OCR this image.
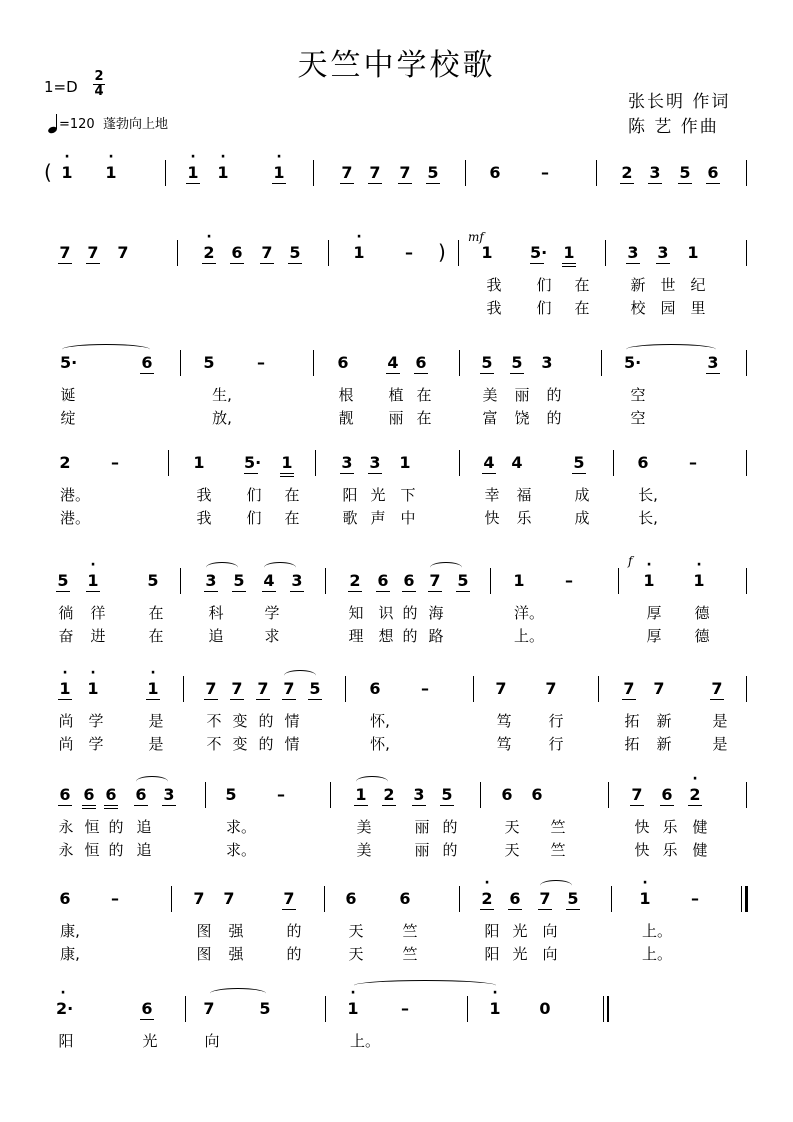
天竺中学校歌
1=D
2
4
=120 蓬勃向上地
张长明 作词
陈 艺 作曲
· 1 · 1	· 1 · 1	· 1	7 7 7 5	6	–	2 3 5 6
7 7 7	· 2 6 7 5	· 1	–	1 5· 1	3 3 1
我 们 在	新 世 纪
我 们 在	校 园 里
5·	6	5	–	6 4 6	5 5 3	5·	3
诞	生,	根 植 在	美 丽 的	空
绽	放,	靓 丽 在	富 饶 的	空
2	–	1 5· 1	3 3 1	4 4	5	6	–
港。	我 们 在	阳 光 下	幸 福	成	长,
港。	我 们 在	歌 声 中	快 乐	成	长,
5 · 1	5	3 5 4 3	2 6 6 7 5	1	–	· 1 · 1
徜 徉	在	科	学	知 识 的 海	洋。	厚 德
奋 进	在	追	求	理 想 的 路	上。	厚 德
· 1 · 1	· 1	7 7 7 7 5	6	–	7 7	7 7	7
尚 学	是	不 变 的 情	怀,	笃 行	拓 新	是
尚 学	是	不 变 的 情	怀,	笃 行	拓 新	是
6 6 6 6 3	5	–	1 2 3 5	6 6	7 6 · 2
永 恒 的 追	求。	美	丽 的	天 竺	快 乐 健
永 恒 的 追	求。	美	丽 的	天 竺	快 乐 健
6	–	7 7	7	6	6	· 2 6 7 5	· 1	–
康,	图 强	的	天	竺	阳 光 向	上。
康,	图 强	的	天	竺	阳 光 向	上。
· 2·	6	7	5	· 1	–	· 1 0
阳	光	向	上。
(
)
mf
f
